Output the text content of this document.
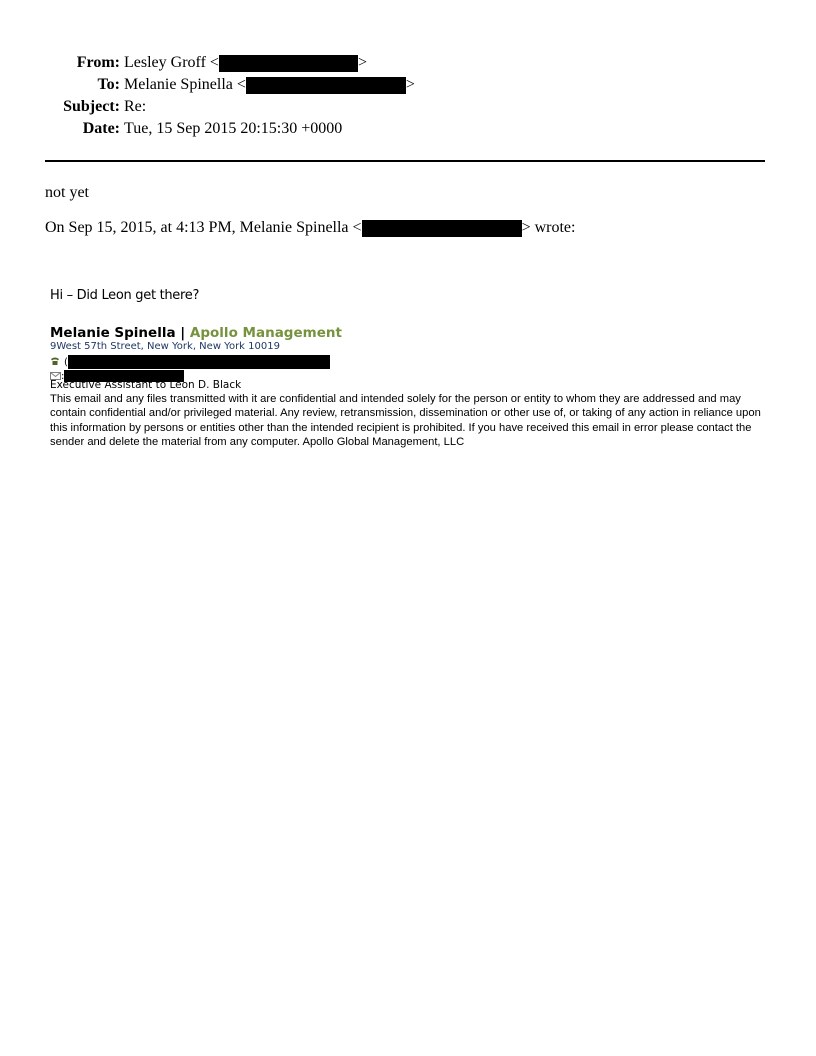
From: Lesley Groff <	>
To: Melanie Spinella <	>
Subject: Re:
Date: Tue, 15 Sep 2015 20:15:30 +0000
not yet
On Sep 15, 2015, at 4:13 PM, Melanie Spinella <	> wrote:
Hi – Did Leon get there?
Melanie Spinella | Apollo Management
9West 57th Street, New York, New York 10019
(
:
Executive Assistant to Leon D. Black
This email and any files transmitted with it are confidential and intended solely for the person or entity to whom they are addressed and may contain confidential and/or privileged material. Any review, retransmission, dissemination or other use of, or taking of any action in reliance upon this information by persons or entities other than the intended recipient is prohibited. If you have received this email in error please contact the sender and delete the material from any computer. Apollo Global Management, LLC
